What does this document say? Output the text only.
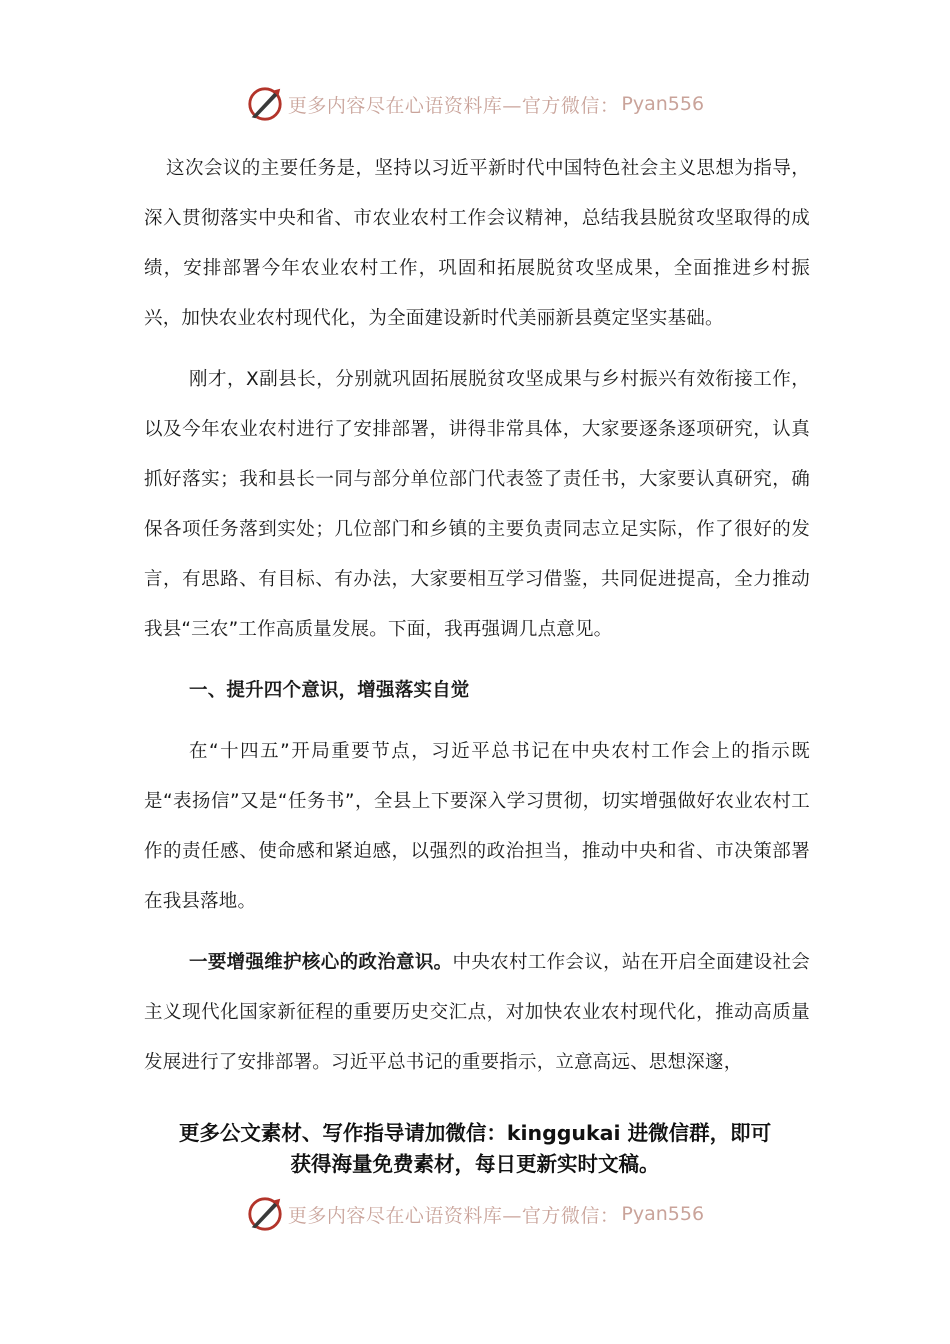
更多内容尽在心语资料库—官方微信： Pyan556

这次会议的主要任务是，坚持以习近平新时代中国特色社会主义思想为指导，深入贯彻落实中央和省、市农业农村工作会议精神，总结我县脱贫攻坚取得的成绩，安排部署今年农业农村工作，巩固和拓展脱贫攻坚成果，全面推进乡村振兴，加快农业农村现代化，为全面建设新时代美丽新县奠定坚实基础。

刚才，X副县长，分别就巩固拓展脱贫攻坚成果与乡村振兴有效衔接工作，以及今年农业农村进行了安排部署，讲得非常具体，大家要逐条逐项研究，认真抓好落实；我和县长一同与部分单位部门代表签了责任书，大家要认真研究，确保各项任务落到实处；几位部门和乡镇的主要负责同志立足实际，作了很好的发言，有思路、有目标、有办法，大家要相互学习借鉴，共同促进提高，全力推动我县“三农”工作高质量发展。下面，我再强调几点意见。

一、提升四个意识，增强落实自觉

在“十四五”开局重要节点，习近平总书记在中央农村工作会上的指示既是“表扬信”又是“任务书”，全县上下要深入学习贯彻，切实增强做好农业农村工作的责任感、使命感和紧迫感，以强烈的政治担当，推动中央和省、市决策部署在我县落地。

一要增强维护核心的政治意识。中央农村工作会议，站在开启全面建设社会主义现代化国家新征程的重要历史交汇点，对加快农业农村现代化，推动高质量发展进行了安排部署。习近平总书记的重要指示，立意高远、思想深邃，

更多公文素材、写作指导请加微信：kinggukai 进微信群，即可
获得海量免费素材，每日更新实时文稿。
更多内容尽在心语资料库—官方微信： Pyan556
